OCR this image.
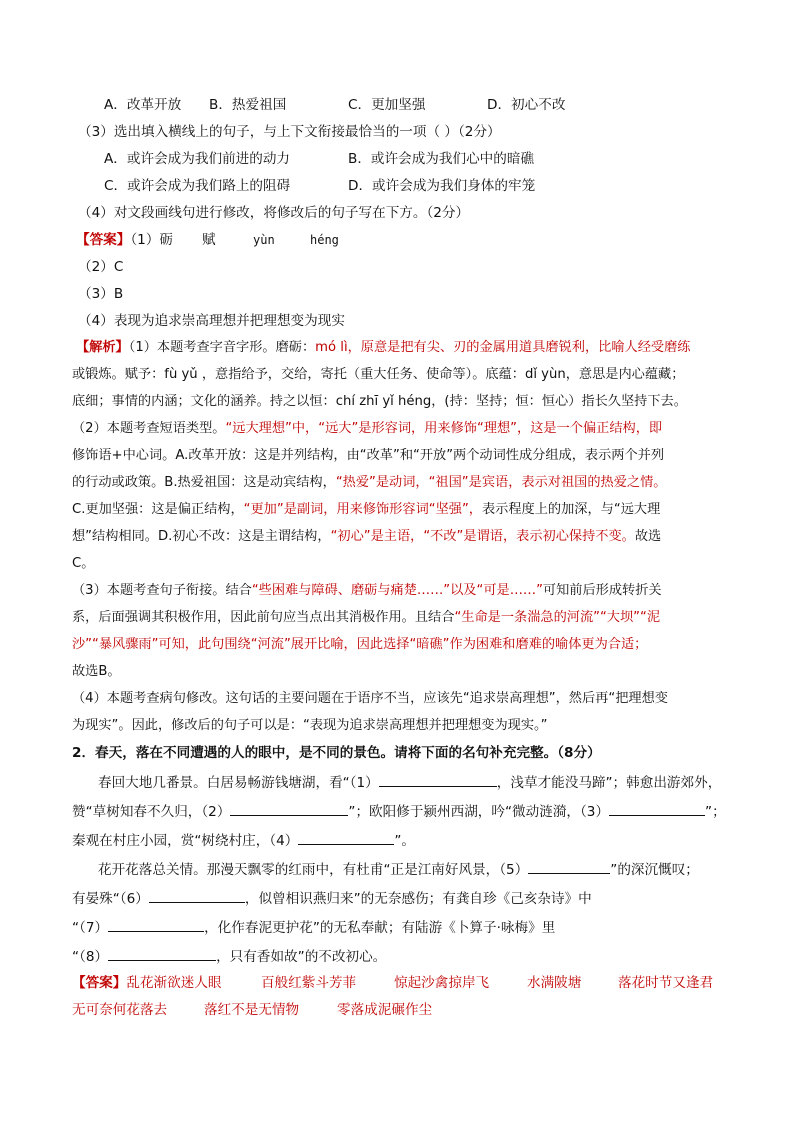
A．改革开放 B．热爱祖国	C．更加坚强	D．初心不改
（3）选出填入横线上的句子，与上下文衔接最恰当的一项（ ）（2分）
A．或许会成为我们前进的动力	B．或许会成为我们心中的暗礁
C．或许会成为我们路上的阻碍	D．或许会成为我们身体的牢笼
（4）对文段画线句进行修改，将修改后的句子写在下方。（2分）
【答案】（1）砺 赋	yùn	héng
（2）C
（3）B
（4）表现为追求崇高理想并把理想变为现实
【解析】（1）本题考查字音字形。磨砺：mó lì，原意是把有尖、刃的金属用道具磨锐利，比喻人经受磨练
或锻炼。赋予：fù yǔ ，意指给予，交给，寄托（重大任务、使命等）。底蕴：dǐ yùn，意思是内心蕴藏；
底细；事情的内涵；文化的涵养。持之以恒：chí zhī yǐ héng，(持：坚持；恒：恒心）指长久坚持下去。
（2）本题考查短语类型。“远大理想”中，“远大”是形容词，用来修饰“理想”，这是一个偏正结构，即
修饰语+中心词。A.改革开放：这是并列结构，由“改革”和“开放”两个动词性成分组成，表示两个并列
的行动或政策。B.热爱祖国：这是动宾结构，“热爱”是动词，“祖国”是宾语，表示对祖国的热爱之情。
C.更加坚强：这是偏正结构，“更加”是副词，用来修饰形容词“坚强”，表示程度上的加深，与“远大理
想”结构相同。D.初心不改：这是主谓结构，“初心”是主语，“不改”是谓语，表示初心保持不变。故选
C。
（3）本题考查句子衔接。结合“些困难与障碍、磨砺与痛楚……”以及“可是……”可知前后形成转折关
系，后面强调其积极作用，因此前句应当点出其消极作用。且结合“生命是一条湍急的河流”“大坝”“泥
沙”“暴风骤雨”可知，此句围绕“河流”展开比喻，因此选择“暗礁”作为困难和磨难的喻体更为合适；
故选B。
（4）本题考查病句修改。这句话的主要问题在于语序不当，应该先“追求崇高理想”，然后再“把理想变
为现实”。因此，修改后的句子可以是：“表现为追求崇高理想并把理想变为现实。”
2．春天，落在不同遭遇的人的眼中，是不同的景色。请将下面的名句补充完整。（8分）
春回大地几番景。白居易畅游钱塘湖，看“（1）	，浅草才能没马蹄”；韩愈出游郊外，
赞“草树知春不久归，（2）	”；欧阳修于颍州西湖，吟“微动涟漪，（3）	”；
秦观在村庄小园，赏“树绕村庄，（4）	”。
花开花落总关情。那漫天飘零的红雨中，有杜甫“正是江南好风景，（5）	”的深沉慨叹；
有晏殊“（6）	，似曾相识燕归来”的无奈感伤；有龚自珍《己亥杂诗》中
“（7）	，化作春泥更护花”的无私奉献；有陆游《卜算子·咏梅》里
“（8）	，只有香如故”的不改初心。
【答案】乱花渐欲迷人眼	百般红紫斗芳菲	惊起沙禽掠岸飞	水满陂塘	落花时节又逢君
无可奈何花落去	落红不是无情物	零落成泥碾作尘
